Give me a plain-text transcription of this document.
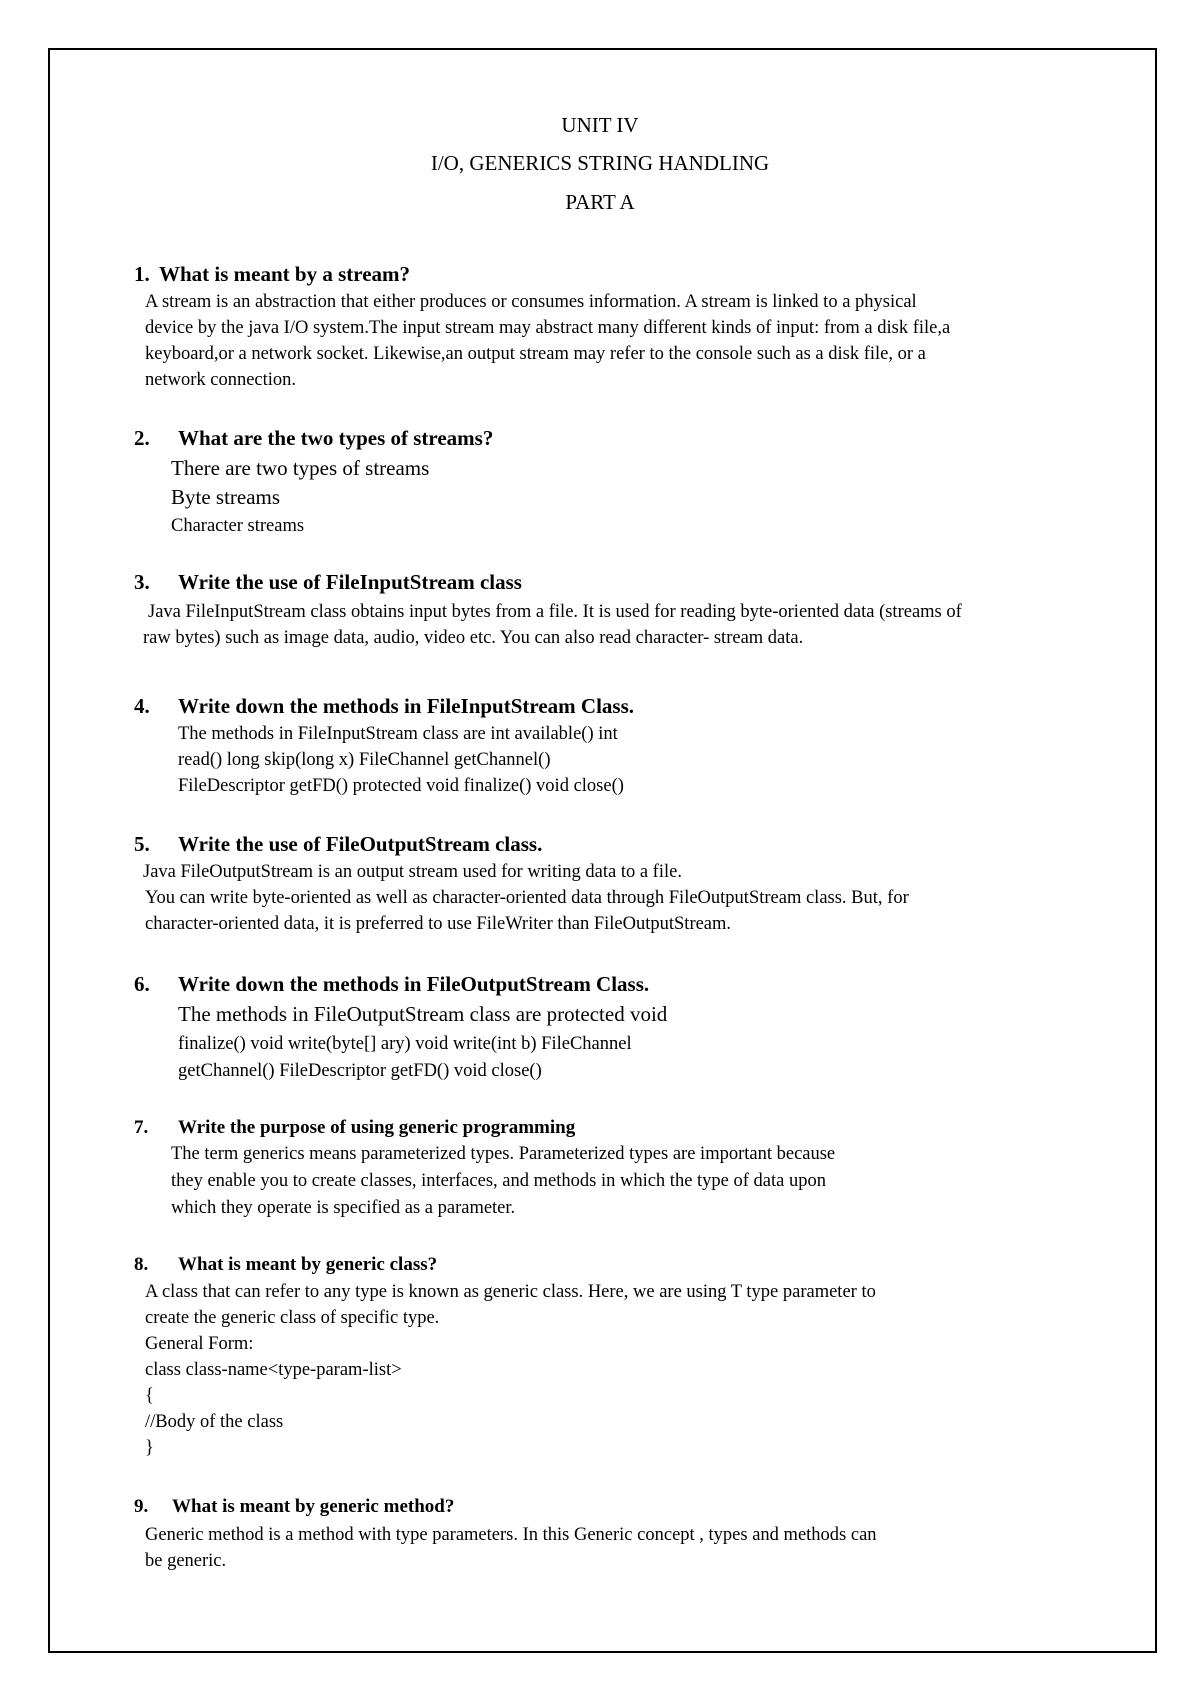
UNIT IV
I/O, GENERICS STRING HANDLING
PART A
1. What is meant by a stream?
A stream is an abstraction that either produces or consumes information. A stream is linked to a physical
device by the java I/O system.The input stream may abstract many different kinds of input: from a disk file,a
keyboard,or a network socket. Likewise,an output stream may refer to the console such as a disk file, or a
network connection.
2. What are the two types of streams?
There are two types of streams
Byte streams
Character streams
3. Write the use of FileInputStream class
Java FileInputStream class obtains input bytes from a file. It is used for reading byte-oriented data (streams of
raw bytes) such as image data, audio, video etc. You can also read character- stream data.
4. Write down the methods in FileInputStream Class.
The methods in FileInputStream class are int available() int
read() long skip(long x) FileChannel getChannel()
FileDescriptor getFD() protected void finalize() void close()
5. Write the use of FileOutputStream class.
Java FileOutputStream is an output stream used for writing data to a file.
You can write byte-oriented as well as character-oriented data through FileOutputStream class. But, for
character-oriented data, it is preferred to use FileWriter than FileOutputStream.
6. Write down the methods in FileOutputStream Class.
The methods in FileOutputStream class are protected void
finalize() void write(byte[] ary) void write(int b) FileChannel
getChannel() FileDescriptor getFD() void close()
7. Write the purpose of using generic programming
The term generics means parameterized types. Parameterized types are important because
they enable you to create classes, interfaces, and methods in which the type of data upon
which they operate is specified as a parameter.
8. What is meant by generic class?
A class that can refer to any type is known as generic class. Here, we are using T type parameter to
create the generic class of specific type.
General Form:
class class-name<type-param-list>
{
//Body of the class
}
9. What is meant by generic method?
Generic method is a method with type parameters. In this Generic concept , types and methods can
be generic.
